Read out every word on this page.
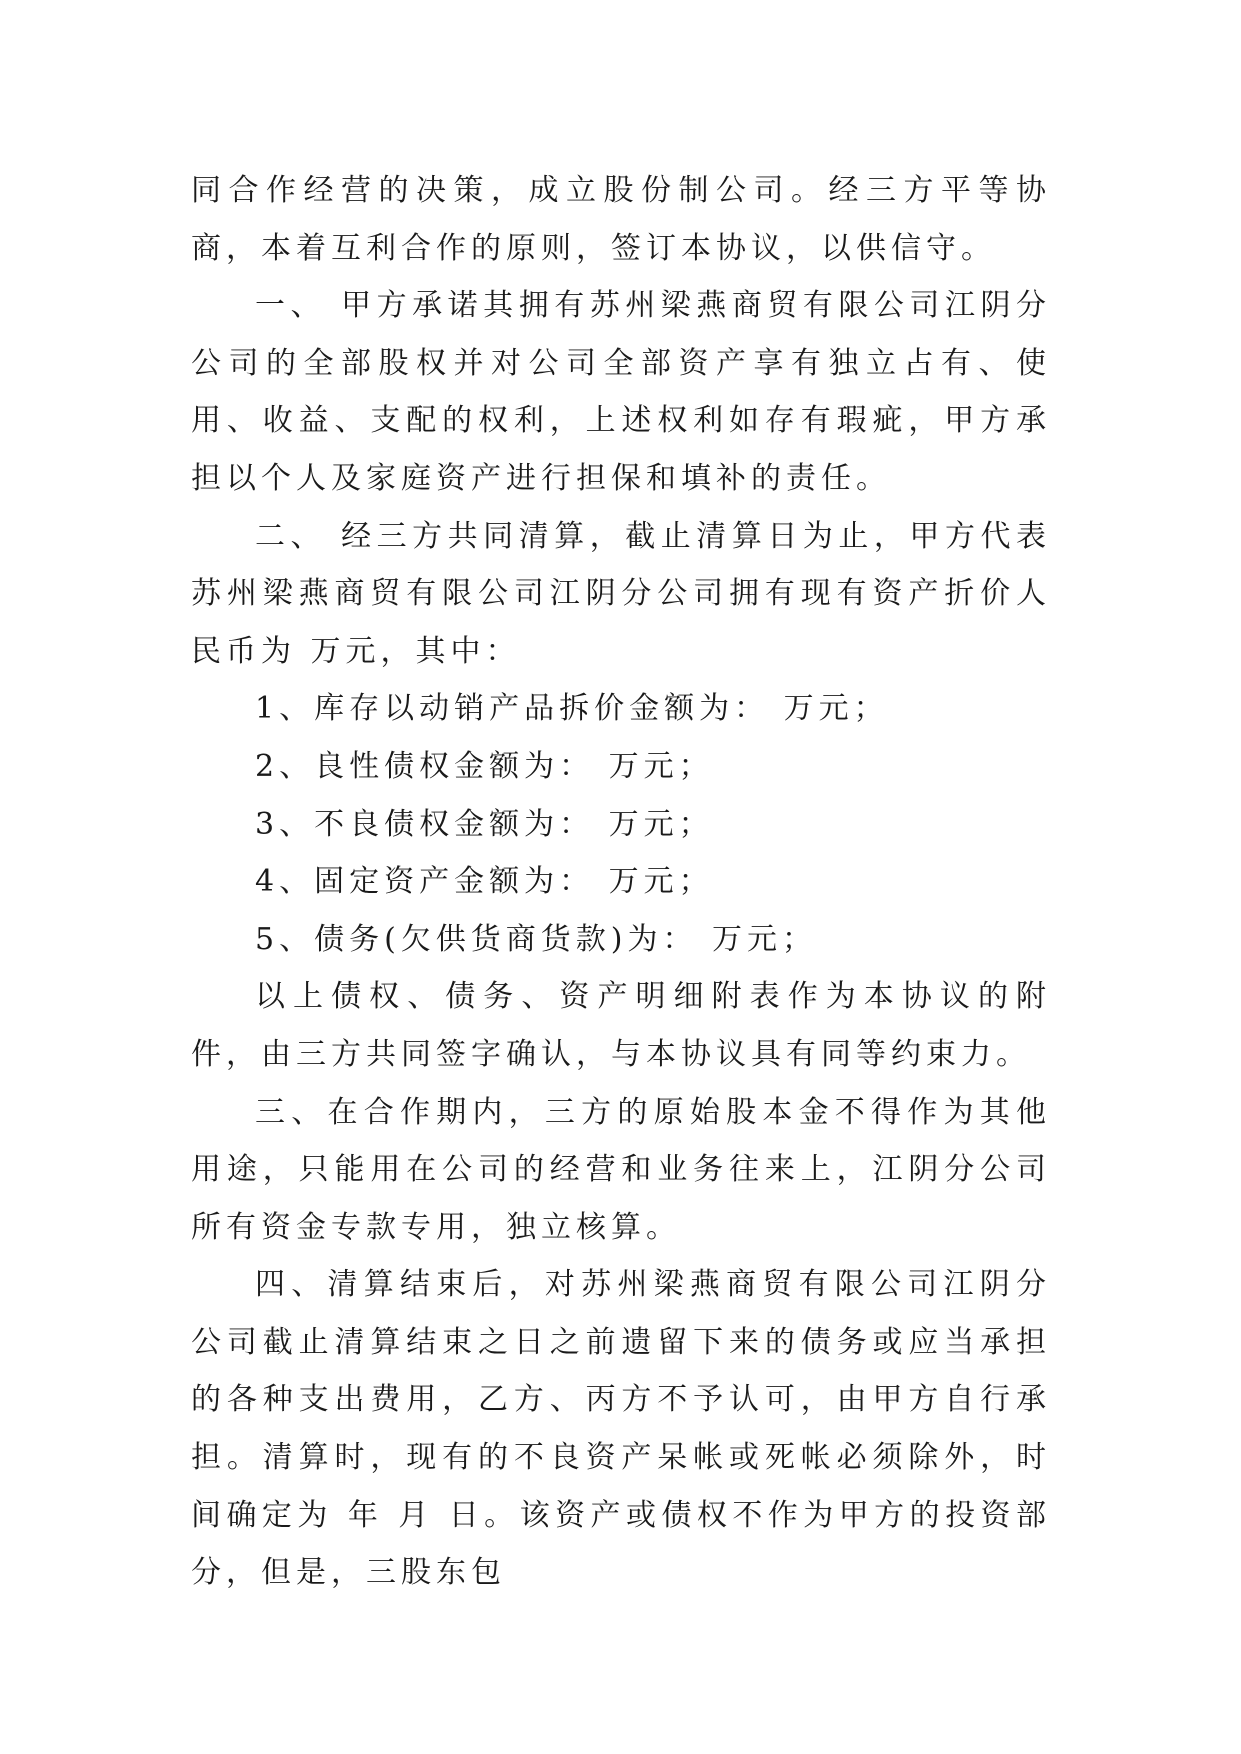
同合作经营的决策，成立股份制公司。经三方平等协商，本着互利合作的原则，签订本协议，以供信守。

一、 甲方承诺其拥有苏州梁燕商贸有限公司江阴分公司的全部股权并对公司全部资产享有独立占有、使用、收益、支配的权利，上述权利如存有瑕疵，甲方承担以个人及家庭资产进行担保和填补的责任。

二、 经三方共同清算，截止清算日为止，甲方代表苏州梁燕商贸有限公司江阴分公司拥有现有资产折价人民币为 万元，其中：

1、库存以动销产品拆价金额为： 万元；

2、良性债权金额为： 万元；

3、不良债权金额为： 万元；

4、固定资产金额为： 万元；

5、债务(欠供货商货款)为： 万元；

以上债权、债务、资产明细附表作为本协议的附件，由三方共同签字确认，与本协议具有同等约束力。

三、在合作期内，三方的原始股本金不得作为其他用途，只能用在公司的经营和业务往来上，江阴分公司所有资金专款专用，独立核算。

四、清算结束后，对苏州梁燕商贸有限公司江阴分公司截止清算结束之日之前遗留下来的债务或应当承担的各种支出费用，乙方、丙方不予认可，由甲方自行承担。清算时，现有的不良资产呆帐或死帐必须除外，时间确定为 年 月 日。该资产或债权不作为甲方的投资部分，但是，三股东包
